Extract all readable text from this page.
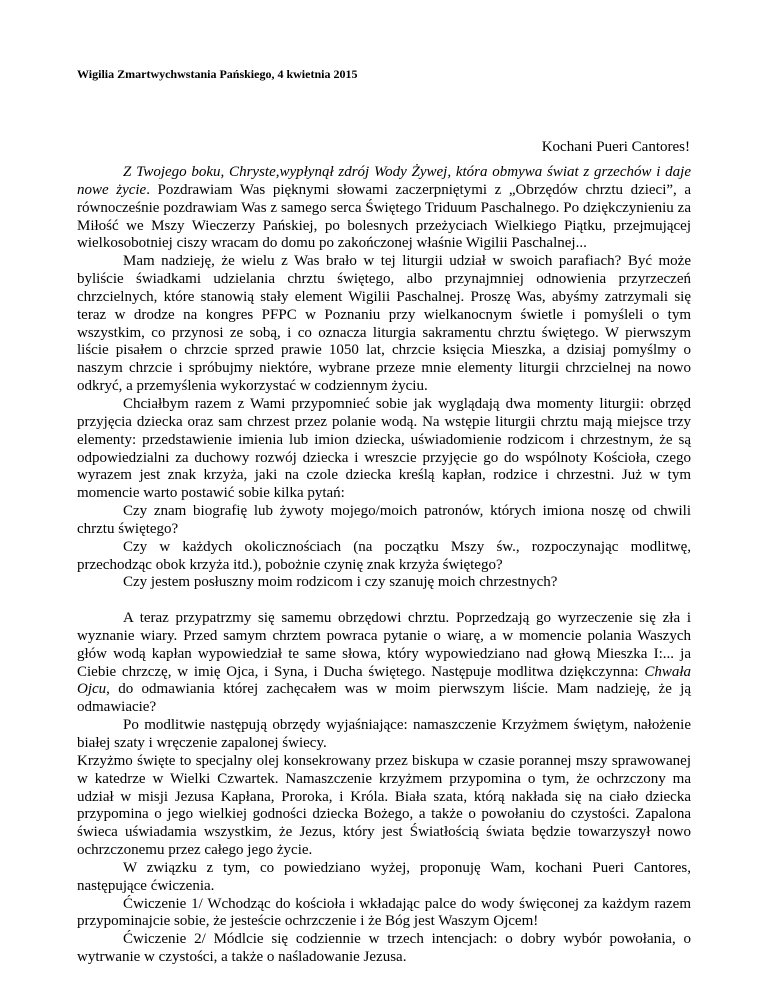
Wigilia Zmartwychwstania Pańskiego, 4 kwietnia 2015
Kochani Pueri Cantores!

Z Twojego boku, Chryste,wypłynął zdrój Wody Żywej, która obmywa świat z grzechów i daje nowe życie. Pozdrawiam Was pięknymi słowami zaczerpniętymi z „Obrzędów chrztu dzieci”, a równocześnie pozdrawiam Was z samego serca Świętego Triduum Paschalnego. Po dziękczynieniu za Miłość we Mszy Wieczerzy Pańskiej, po bolesnych przeżyciach Wielkiego Piątku, przejmującej wielkosobotniej ciszy wracam do domu po zakończonej właśnie Wigilii Paschalnej...

Mam nadzieję, że wielu z Was brało w tej liturgii udział w swoich parafiach? Być może byliście świadkami udzielania chrztu świętego, albo przynajmniej odnowienia przyrzeczeń chrzcielnych, które stanowią stały element Wigilii Paschalnej. Proszę Was, abyśmy zatrzymali się teraz w drodze na kongres PFPC w Poznaniu przy wielkanocnym świetle i pomyśleli o tym wszystkim, co przynosi ze sobą, i co oznacza liturgia sakramentu chrztu świętego. W pierwszym liście pisałem o chrzcie sprzed prawie 1050 lat, chrzcie księcia Mieszka, a dzisiaj pomyślmy o naszym chrzcie i spróbujmy niektóre, wybrane przeze mnie elementy liturgii chrzcielnej na nowo odkryć, a przemyślenia wykorzystać w codziennym życiu.

Chciałbym razem z Wami przypomnieć sobie jak wyglądają dwa momenty liturgii: obrzęd przyjęcia dziecka oraz sam chrzest przez polanie wodą. Na wstępie liturgii chrztu mają miejsce trzy elementy: przedstawienie imienia lub imion dziecka, uświadomienie rodzicom i chrzestnym, że są odpowiedzialni za duchowy rozwój dziecka i wreszcie przyjęcie go do wspólnoty Kościoła, czego wyrazem jest znak krzyża, jaki na czole dziecka kreślą kapłan, rodzice i chrzestni. Już w tym momencie warto postawić sobie kilka pytań:

Czy znam biografię lub żywoty mojego/moich patronów, których imiona noszę od chwili chrztu świętego?

Czy w każdych okolicznościach (na początku Mszy św., rozpoczynając modlitwę, przechodząc obok krzyża itd.), pobożnie czynię znak krzyża świętego?

Czy jestem posłuszny moim rodzicom i czy szanuję moich chrzestnych?

A teraz przypatrzmy się samemu obrzędowi chrztu. Poprzedzają go wyrzeczenie się zła i wyznanie wiary. Przed samym chrztem powraca pytanie o wiarę, a w momencie polania Waszych głów wodą kapłan wypowiedział te same słowa, który wypowiedziano nad głową Mieszka I:... ja Ciebie chrzczę, w imię Ojca, i Syna, i Ducha świętego. Następuje modlitwa dziękczynna: Chwała Ojcu, do odmawiania której zachęcałem was w moim pierwszym liście. Mam nadzieję, że ją odmawiacie?

Po modlitwie następują obrzędy wyjaśniające: namaszczenie Krzyżmem świętym, nałożenie białej szaty i wręczenie zapalonej świecy.

Krzyżmo święte to specjalny olej konsekrowany przez biskupa w czasie porannej mszy sprawowanej w katedrze w Wielki Czwartek. Namaszczenie krzyżmem przypomina o tym, że ochrzczony ma udział w misji Jezusa Kapłana, Proroka, i Króla. Biała szata, którą nakłada się na ciało dziecka przypomina o jego wielkiej godności dziecka Bożego, a także o powołaniu do czystości. Zapalona świeca uświadamia wszystkim, że Jezus, który jest Światłością świata będzie towarzyszył nowo ochrzczonemu przez całego jego życie.

W związku z tym, co powiedziano wyżej, proponuję Wam, kochani Pueri Cantores, następujące ćwiczenia.

Ćwiczenie 1/ Wchodząc do kościoła i wkładając palce do wody święconej za każdym razem przypominajcie sobie, że jesteście ochrzczenie i że Bóg jest Waszym Ojcem!

Ćwiczenie 2/ Módlcie się codziennie w trzech intencjach: o dobry wybór powołania, o wytrwanie w czystości, a także o naśladowanie Jezusa.
